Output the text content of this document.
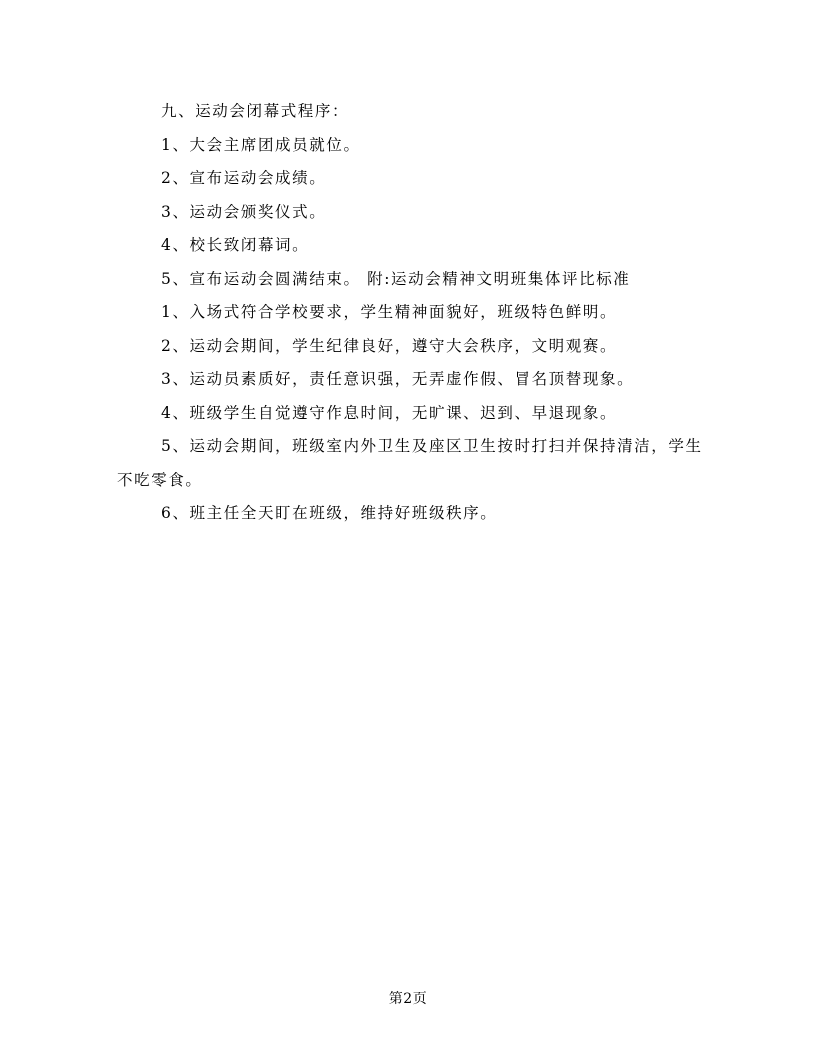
九、运动会闭幕式程序：

1、大会主席团成员就位。

2、宣布运动会成绩。

3、运动会颁奖仪式。

4、校长致闭幕词。

5、宣布运动会圆满结束。 附:运动会精神文明班集体评比标准

1、入场式符合学校要求，学生精神面貌好，班级特色鲜明。

2、运动会期间，学生纪律良好，遵守大会秩序，文明观赛。

3、运动员素质好，责任意识强，无弄虚作假、冒名顶替现象。

4、班级学生自觉遵守作息时间，无旷课、迟到、早退现象。

5、运动会期间，班级室内外卫生及座区卫生按时打扫并保持清洁，学生不吃零食。

6、班主任全天盯在班级，维持好班级秩序。

第2页
